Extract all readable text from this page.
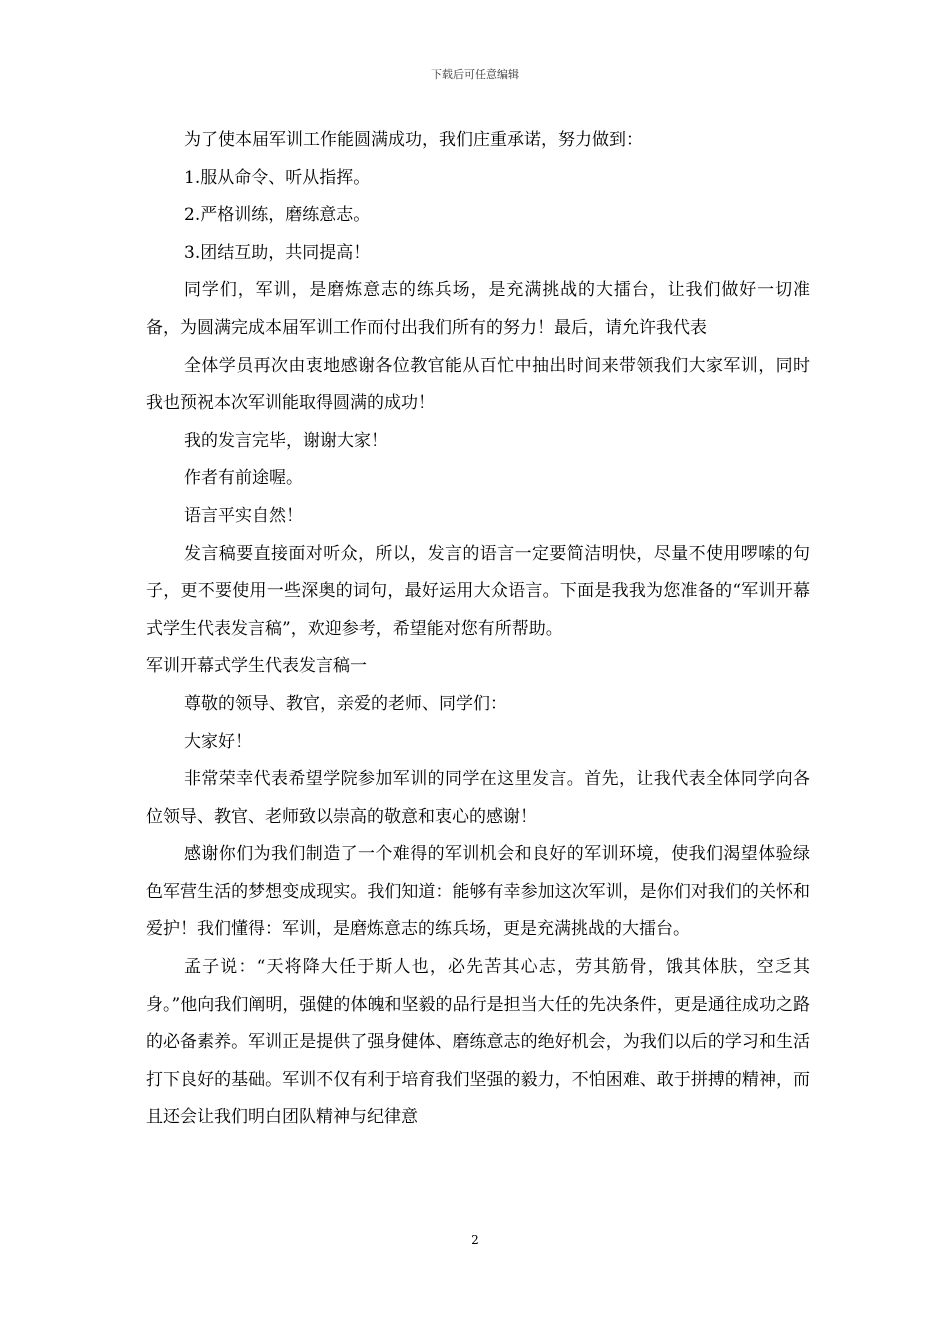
下载后可任意编辑

为了使本届军训工作能圆满成功，我们庄重承诺，努力做到：

1.服从命令、听从指挥。

2.严格训练，磨练意志。

3.团结互助，共同提高！

同学们，军训，是磨炼意志的练兵场，是充满挑战的大擂台，让我们做好一切准备，为圆满完成本届军训工作而付出我们所有的努力！最后，请允许我代表

全体学员再次由衷地感谢各位教官能从百忙中抽出时间来带领我们大家军训，同时我也预祝本次军训能取得圆满的成功！

我的发言完毕，谢谢大家！

作者有前途喔。

语言平实自然！

发言稿要直接面对听众，所以，发言的语言一定要简洁明快，尽量不使用啰嗦的句子，更不要使用一些深奥的词句，最好运用大众语言。下面是我我为您准备的“军训开幕式学生代表发言稿”，欢迎参考，希望能对您有所帮助。

军训开幕式学生代表发言稿一

尊敬的领导、教官，亲爱的老师、同学们：

大家好！

非常荣幸代表希望学院参加军训的同学在这里发言。首先，让我代表全体同学向各位领导、教官、老师致以崇高的敬意和衷心的感谢！

感谢你们为我们制造了一个难得的军训机会和良好的军训环境，使我们渴望体验绿色军营生活的梦想变成现实。我们知道：能够有幸参加这次军训，是你们对我们的关怀和爱护！我们懂得：军训，是磨炼意志的练兵场，更是充满挑战的大擂台。

孟子说：“天将降大任于斯人也，必先苦其心志，劳其筋骨，饿其体肤，空乏其身。”他向我们阐明，强健的体魄和坚毅的品行是担当大任的先决条件，更是通往成功之路的必备素养。军训正是提供了强身健体、磨练意志的绝好机会，为我们以后的学习和生活打下良好的基础。军训不仅有利于培育我们坚强的毅力，不怕困难、敢于拼搏的精神，而且还会让我们明白团队精神与纪律意

2
